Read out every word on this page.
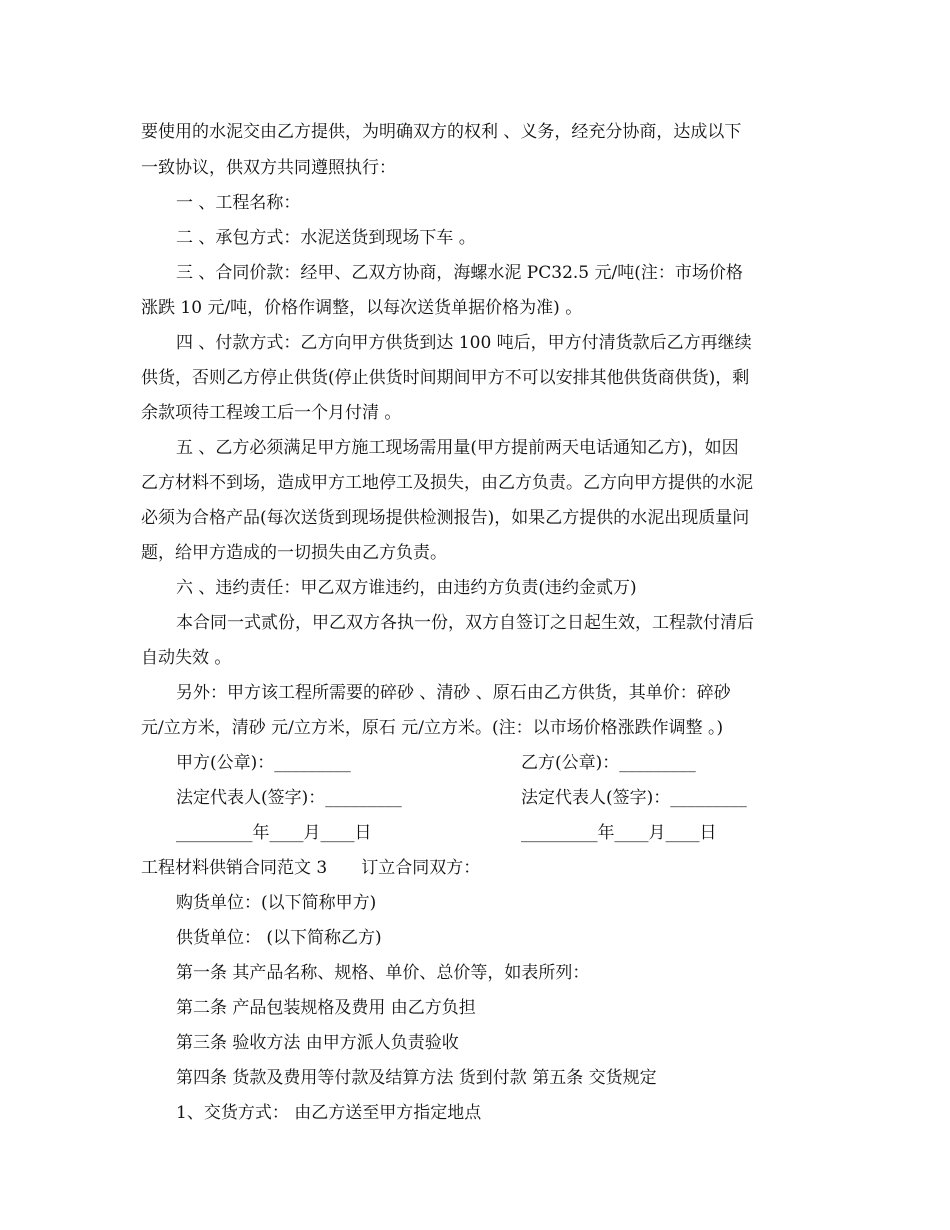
要使用的水泥交由乙方提供，为明确双方的权利 、义务，经充分协商，达成以下
一致协议，供双方共同遵照执行：
一 、工程名称：
二 、承包方式：水泥送货到现场下车 。
三 、合同价款：经甲、乙双方协商，海螺水泥 PC32.5 元/吨(注：市场价格
涨跌 10 元/吨，价格作调整，以每次送货单据价格为准) 。
四 、付款方式：乙方向甲方供货到达 100 吨后，甲方付清货款后乙方再继续
供货，否则乙方停止供货(停止供货时间期间甲方不可以安排其他供货商供货)，剩
余款项待工程竣工后一个月付清 。
五 、乙方必须满足甲方施工现场需用量(甲方提前两天电话通知乙方)，如因
乙方材料不到场，造成甲方工地停工及损失，由乙方负责。乙方向甲方提供的水泥
必须为合格产品(每次送货到现场提供检测报告)，如果乙方提供的水泥出现质量问
题，给甲方造成的一切损失由乙方负责。
六 、违约责任：甲乙双方谁违约，由违约方负责(违约金贰万)
本合同一式贰份，甲乙双方各执一份，双方自签订之日起生效，工程款付清后
自动失效 。
另外：甲方该工程所需要的碎砂 、清砂 、原石由乙方供货，其单价：碎砂
元/立方米，清砂 元/立方米，原石 元/立方米。(注：以市场价格涨跌作调整 。)
甲方(公章)：_________	乙方(公章)：_________
法定代表人(签字)：_________	法定代表人(签字)：_________
_________年____月____日	_________年____月____日
工程材料供销合同范文 3　　订立合同双方：
购货单位：(以下简称甲方)
供货单位： (以下简称乙方)
第一条 其产品名称、规格、单价、总价等，如表所列：
第二条 产品包装规格及费用 由乙方负担
第三条 验收方法 由甲方派人负责验收
第四条 货款及费用等付款及结算方法 货到付款 第五条 交货规定
1、交货方式： 由乙方送至甲方指定地点
